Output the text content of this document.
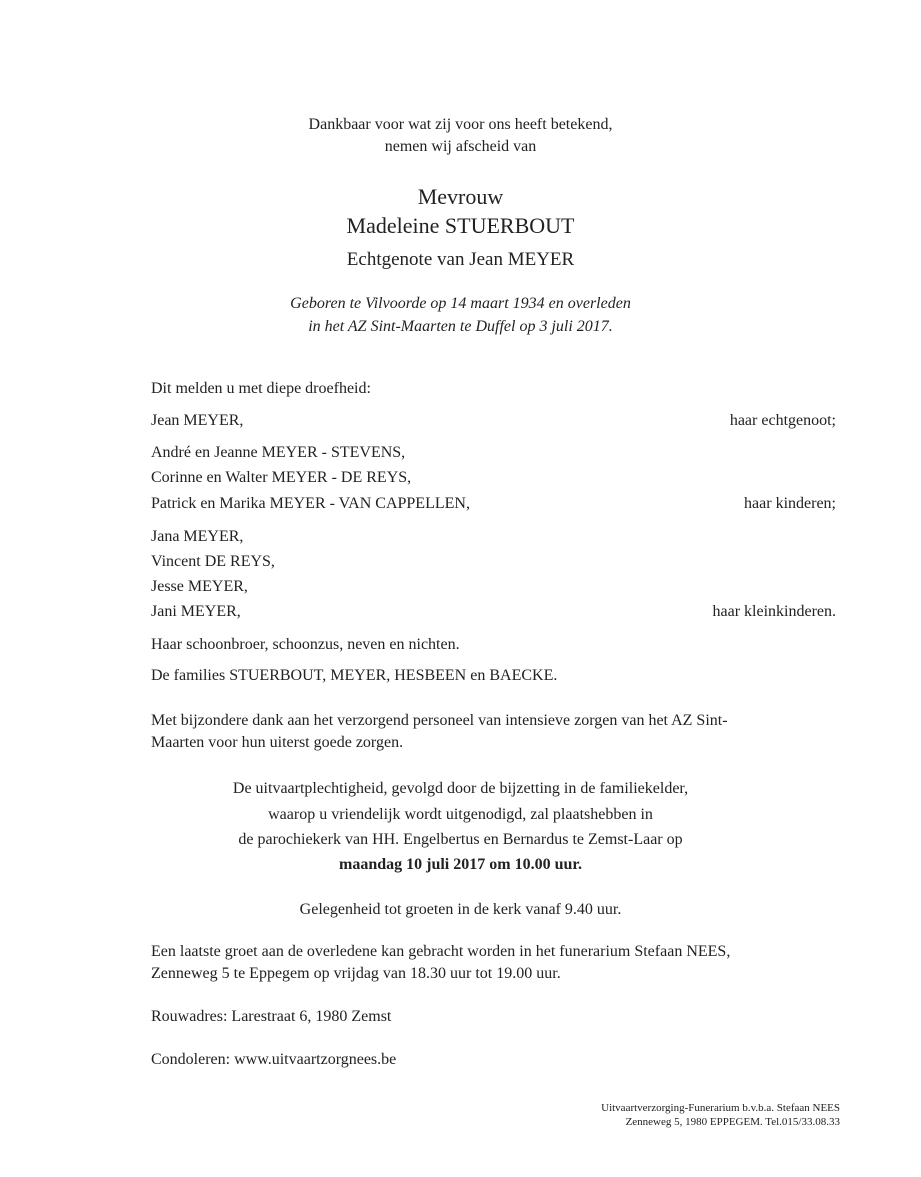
Dankbaar voor wat zij voor ons heeft betekend,
nemen wij afscheid van
Mevrouw
Madeleine STUERBOUT
Echtgenote van Jean MEYER
Geboren te Vilvoorde op 14 maart 1934 en overleden
in het AZ Sint-Maarten te Duffel op 3 juli 2017.
Dit melden u met diepe droefheid:
Jean MEYER,	haar echtgenoot;
André en Jeanne MEYER - STEVENS,
Corinne en Walter MEYER - DE REYS,
Patrick en Marika MEYER - VAN CAPPELLEN,	haar kinderen;
Jana MEYER,
Vincent DE REYS,
Jesse MEYER,
Jani MEYER,	haar kleinkinderen.
Haar schoonbroer, schoonzus, neven en nichten.
De families STUERBOUT, MEYER, HESBEEN en BAECKE.
Met bijzondere dank aan het verzorgend personeel van intensieve zorgen van het AZ Sint-
Maarten voor hun uiterst goede zorgen.
De uitvaartplechtigheid, gevolgd door de bijzetting in de familiekelder,
waarop u vriendelijk wordt uitgenodigd, zal plaatshebben in
de parochiekerk van HH. Engelbertus en Bernardus te Zemst-Laar op
maandag 10 juli 2017 om 10.00 uur.
Gelegenheid tot groeten in de kerk vanaf 9.40 uur.
Een laatste groet aan de overledene kan gebracht worden in het funerarium Stefaan NEES,
Zenneweg 5 te Eppegem op vrijdag van 18.30 uur tot 19.00 uur.
Rouwadres: Larestraat 6, 1980 Zemst
Condoleren: www.uitvaartzorgnees.be
Uitvaartverzorging-Funerarium b.v.b.a. Stefaan NEES
Zenneweg 5, 1980 EPPEGEM. Tel.015/33.08.33
